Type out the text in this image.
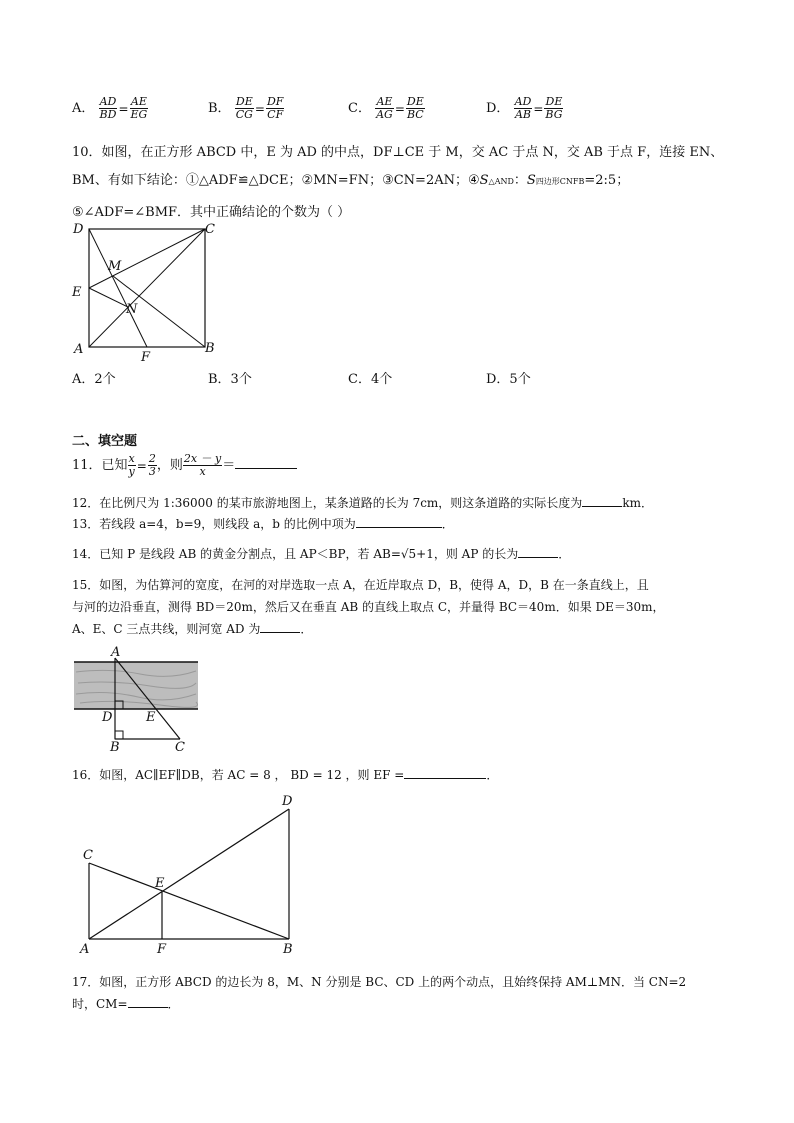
A． $\frac{AD}{BD} = \frac{AE}{EG}$	B． $\frac{DE}{CG} = \frac{DF}{CF}$	C． $\frac{AE}{AG} = \frac{DE}{BC}$	D． $\frac{AD}{AB} = \frac{DE}{BG}$
10．如图，在正方形 ABCD 中，E 为 AD 的中点，DF⊥CE 于 M，交 AC 于点 N，交 AB 于点 F，连接 EN、
BM、有如下结论：①△ADF≌△DCE；②MN=FN；③CN=2AN；④S△AND：S四边形CNFB=2:5；
⑤∠ADF=∠BMF．其中正确结论的个数为（ ）
D	C
M
E
N
A
F
B
A．2个	B．3个	C．4个	D．5个
二、填空题
11．已知 $\frac{x}{y} = \frac{2}{3}$ ，则 $\frac{2x - y}{x}$ ＝
12．在比例尺为 1:36000 的某市旅游地图上，某条道路的长为 7cm，则这条道路的实际长度为	km．
13．若线段 a=4，b=9，则线段 a，b 的比例中项为	．
14．已知 P 是线段 AB 的黄金分割点，且 AP＜BP，若 AB=√5+1，则 AP 的长为	．
15．如图，为估算河的宽度，在河的对岸选取一点 A，在近岸取点 D，B，使得 A，D，B 在一条直线上，且
与河的边沿垂直，测得 BD＝20m，然后又在垂直 AB 的直线上取点 C，并量得 BC＝40m．如果 DE＝30m，
A、E、C 三点共线，则河宽 AD 为	．
A
D	E
B	C
16．如图，AC∥EF∥DB，若 AC = 8 ， BD = 12 ，则 EF =	．
D
C
E
A	F	B
17．如图，正方形 ABCD 的边长为 8，M、N 分别是 BC、CD 上的两个动点，且始终保持 AM⊥MN．当 CN=2
时，CM=	．
